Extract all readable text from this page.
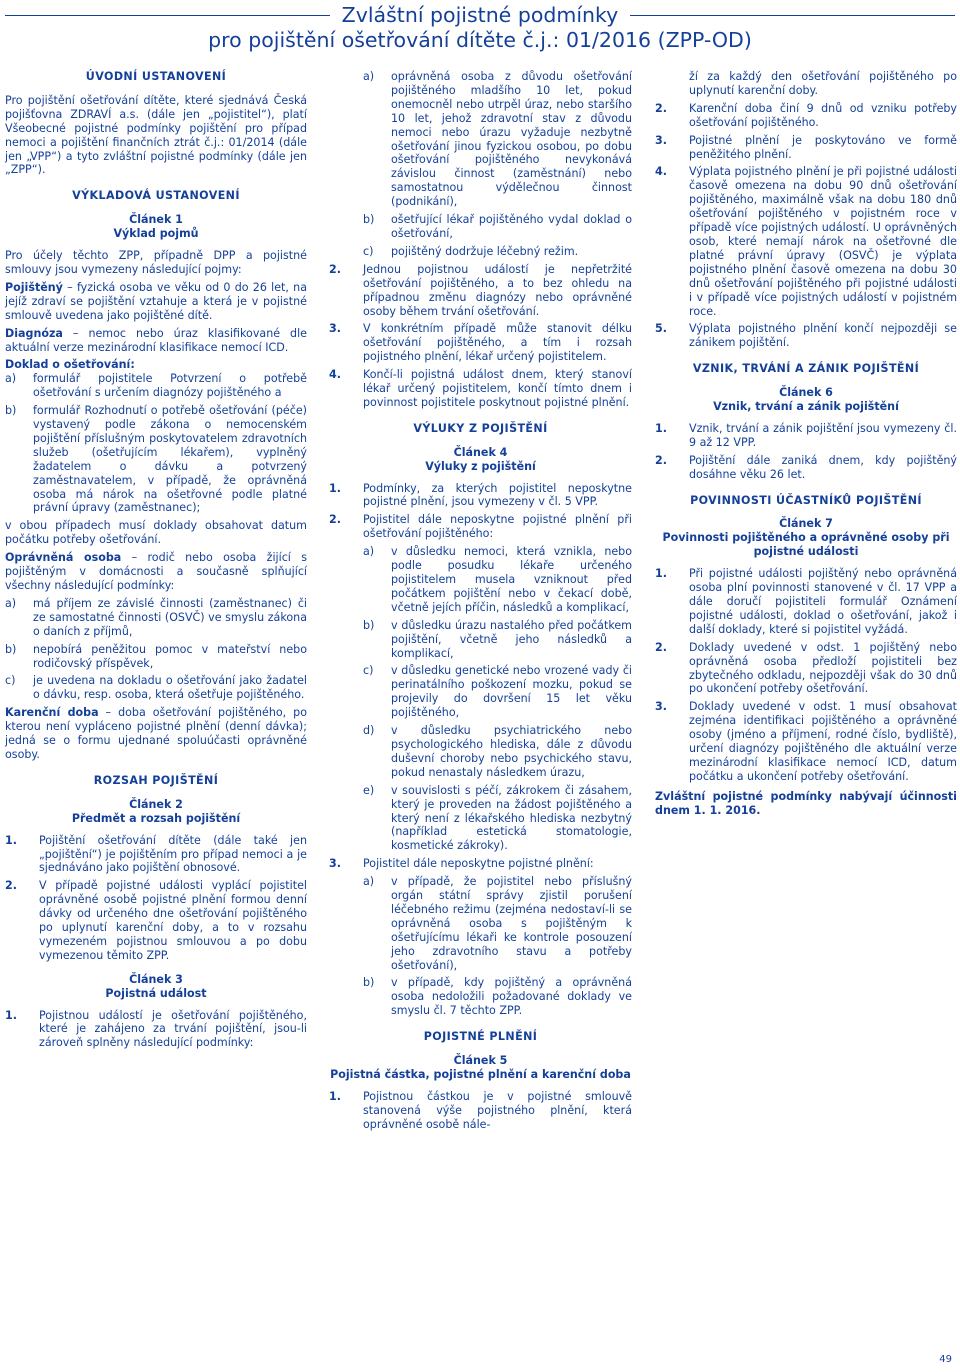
Zvláštní pojistné podmínky
pro pojištění ošetřování dítěte č.j.: 01/2016 (ZPP-OD)

ÚVODNÍ USTANOVENÍ

Pro pojištění ošetřování dítěte, které sjednává Česká pojišťovna ZDRAVÍ a.s. (dále jen „pojistitel“), platí Všeobecné pojistné podmínky pojištění pro případ nemoci a pojištění finančních ztrát č.j.: 01/2014 (dále jen „VPP“) a tyto zvláštní pojistné podmínky (dále jen „ZPP“).

VÝKLADOVÁ USTANOVENÍ

Článek 1

Výklad pojmů

Pro účely těchto ZPP, případně DPP a pojistné smlouvy jsou vymezeny následující pojmy:

Pojištěný – fyzická osoba ve věku od 0 do 26 let, na jejíž zdraví se pojištění vztahuje a která je v pojistné smlouvě uvedena jako pojištěné dítě.

Diagnóza – nemoc nebo úraz klasifikované dle aktuální verze mezinárodní klasifikace nemocí ICD.

Doklad o ošetřování:

a)	formulář pojistitele Potvrzení o potřebě ošetřování s určením diagnózy pojištěného a
b)	formulář Rozhodnutí o potřebě ošetřování (péče) vystavený podle zákona o nemocenském pojištění příslušným poskytovatelem zdravotních služeb (ošetřujícím lékařem), vyplněný žadatelem o dávku a potvrzený zaměstnavatelem, v případě, že oprávněná osoba má nárok na ošetřovné podle platné právní úpravy (zaměstnanec);

v obou případech musí doklady obsahovat datum počátku potřeby ošetřování.

Oprávněná osoba – rodič nebo osoba žijící s pojištěným v domácnosti a současně splňující všechny následující podmínky:

a)	má příjem ze závislé činnosti (zaměstnanec) či ze samostatné činnosti (OSVČ) ve smyslu zákona o daních z příjmů,
b)	nepobírá peněžitou pomoc v mateřství nebo rodičovský příspěvek,
c)	je uvedena na dokladu o ošetřování jako žadatel o dávku, resp. osoba, která ošetřuje pojištěného.

Karenční doba – doba ošetřování pojištěného, po kterou není vypláceno pojistné plnění (denní dávka); jedná se o formu ujednané spoluúčasti oprávněné osoby.

ROZSAH POJIŠTĚNÍ

Článek 2

Předmět a rozsah pojištění

1.	Pojištění ošetřování dítěte (dále také jen „pojištění“) je pojištěním pro případ nemoci a je sjednáváno jako pojištění obnosové.
2.	V případě pojistné události vyplácí pojistitel oprávněné osobě pojistné plnění formou denní dávky od určeného dne ošetřování pojištěného po uplynutí karenční doby, a to v rozsahu vymezeném pojistnou smlouvou a po dobu vymezenou těmito ZPP.

Článek 3

Pojistná událost

1.	Pojistnou událostí je ošetřování pojištěného, které je zahájeno za trvání pojištění, jsou-li zároveň splněny následující podmínky:
a)	oprávněná osoba z důvodu ošetřování pojištěného mladšího 10 let, pokud onemocněl nebo utrpěl úraz, nebo staršího 10 let, jehož zdravotní stav z důvodu nemoci nebo úrazu vyžaduje nezbytně ošetřování jinou fyzickou osobou, po dobu ošetřování pojištěného nevykonává závislou činnost (zaměstnání) nebo samostatnou výdělečnou činnost (podnikání),
b)	ošetřující lékař pojištěného vydal doklad o ošetřování,
c)	pojištěný dodržuje léčebný režim.
2.	Jednou pojistnou událostí je nepřetržité ošetřování pojištěného, a to bez ohledu na případnou změnu diagnózy nebo oprávněné osoby během trvání ošetřování.
3.	V konkrétním případě může stanovit délku ošetřování pojištěného, a tím i rozsah pojistného plnění, lékař určený pojistitelem.
4.	Končí-li pojistná událost dnem, který stanoví lékař určený pojistitelem, končí tímto dnem i povinnost pojistitele poskytnout pojistné plnění.

VÝLUKY Z POJIŠTĚNÍ

Článek 4

Výluky z pojištění

1.	Podmínky, za kterých pojistitel neposkytne pojistné plnění, jsou vymezeny v čl. 5 VPP.
2.	Pojistitel dále neposkytne pojistné plnění při ošetřování pojištěného:
a)	v důsledku nemoci, která vznikla, nebo podle posudku lékaře určeného pojistitelem musela vzniknout před počátkem pojištění nebo v čekací době, včetně jejích příčin, následků a komplikací,
b)	v důsledku úrazu nastalého před počátkem pojištění, včetně jeho následků a komplikací,
c)	v důsledku genetické nebo vrozené vady či perinatálního poškození mozku, pokud se projevily do dovršení 15 let věku pojištěného,
d)	v důsledku psychiatrického nebo psychologického hlediska, dále z důvodu duševní choroby nebo psychického stavu, pokud nenastaly následkem úrazu,
e)	v souvislosti s péčí, zákrokem či zásahem, který je proveden na žádost pojištěného a který není z lékařského hlediska nezbytný (například estetická stomatologie, kosmetické zákroky).
3.	Pojistitel dále neposkytne pojistné plnění:
a)	v případě, že pojistitel nebo příslušný orgán státní správy zjistil porušení léčebného režimu (zejména nedostaví-li se oprávněná osoba s pojištěným k ošetřujícímu lékaři ke kontrole posouzení jeho zdravotního stavu a potřeby ošetřování),
b)	v případě, kdy pojištěný a oprávněná osoba nedoložili požadované doklady ve smyslu čl. 7 těchto ZPP.

POJISTNÉ PLNĚNÍ

Článek 5

Pojistná částka, pojistné plnění a karenční doba

1.	Pojistnou částkou je v pojistné smlouvě stanovená výše pojistného plnění, která oprávněné osobě nále-

ží za každý den ošetřování pojištěného po uplynutí karenční doby.

2.	Karenční doba činí 9 dnů od vzniku potřeby ošetřování pojištěného.
3.	Pojistné plnění je poskytováno ve formě peněžitého plnění.
4.	Výplata pojistného plnění je při pojistné události časově omezena na dobu 90 dnů ošetřování pojištěného, maximálně však na dobu 180 dnů ošetřování pojištěného v pojistném roce v případě více pojistných událostí. U oprávněných osob, které nemají nárok na ošetřovné dle platné právní úpravy (OSVČ) je výplata pojistného plnění časově omezena na dobu 30 dnů ošetřování pojištěného při pojistné události i v případě více pojistných událostí v pojistném roce.
5.	Výplata pojistného plnění končí nejpozději se zánikem pojištění.

VZNIK, TRVÁNÍ A ZÁNIK POJIŠTĚNÍ

Článek 6

Vznik, trvání a zánik pojištění

1.	Vznik, trvání a zánik pojištění jsou vymezeny čl. 9 až 12 VPP.
2.	Pojištění dále zaniká dnem, kdy pojištěný dosáhne věku 26 let.

POVINNOSTI ÚČASTNÍKŮ POJIŠTĚNÍ

Článek 7

Povinnosti pojištěného a oprávněné osoby při pojistné události

1.	Při pojistné události pojištěný nebo oprávněná osoba plní povinnosti stanovené v čl. 17 VPP a dále doručí pojistiteli formulář Oznámení pojistné události, doklad o ošetřování, jakož i další doklady, které si pojistitel vyžádá.
2.	Doklady uvedené v odst. 1 pojištěný nebo oprávněná osoba předloží pojistiteli bez zbytečného odkladu, nejpozději však do 30 dnů po ukončení potřeby ošetřování.
3.	Doklady uvedené v odst. 1 musí obsahovat zejména identifikaci pojištěného a oprávněné osoby (jméno a příjmení, rodné číslo, bydliště), určení diagnózy pojištěného dle aktuální verze mezinárodní klasifikace nemocí ICD, datum počátku a ukončení potřeby ošetřování.

Zvláštní pojistné podmínky nabývají účinnosti dnem 1. 1. 2016.

49
